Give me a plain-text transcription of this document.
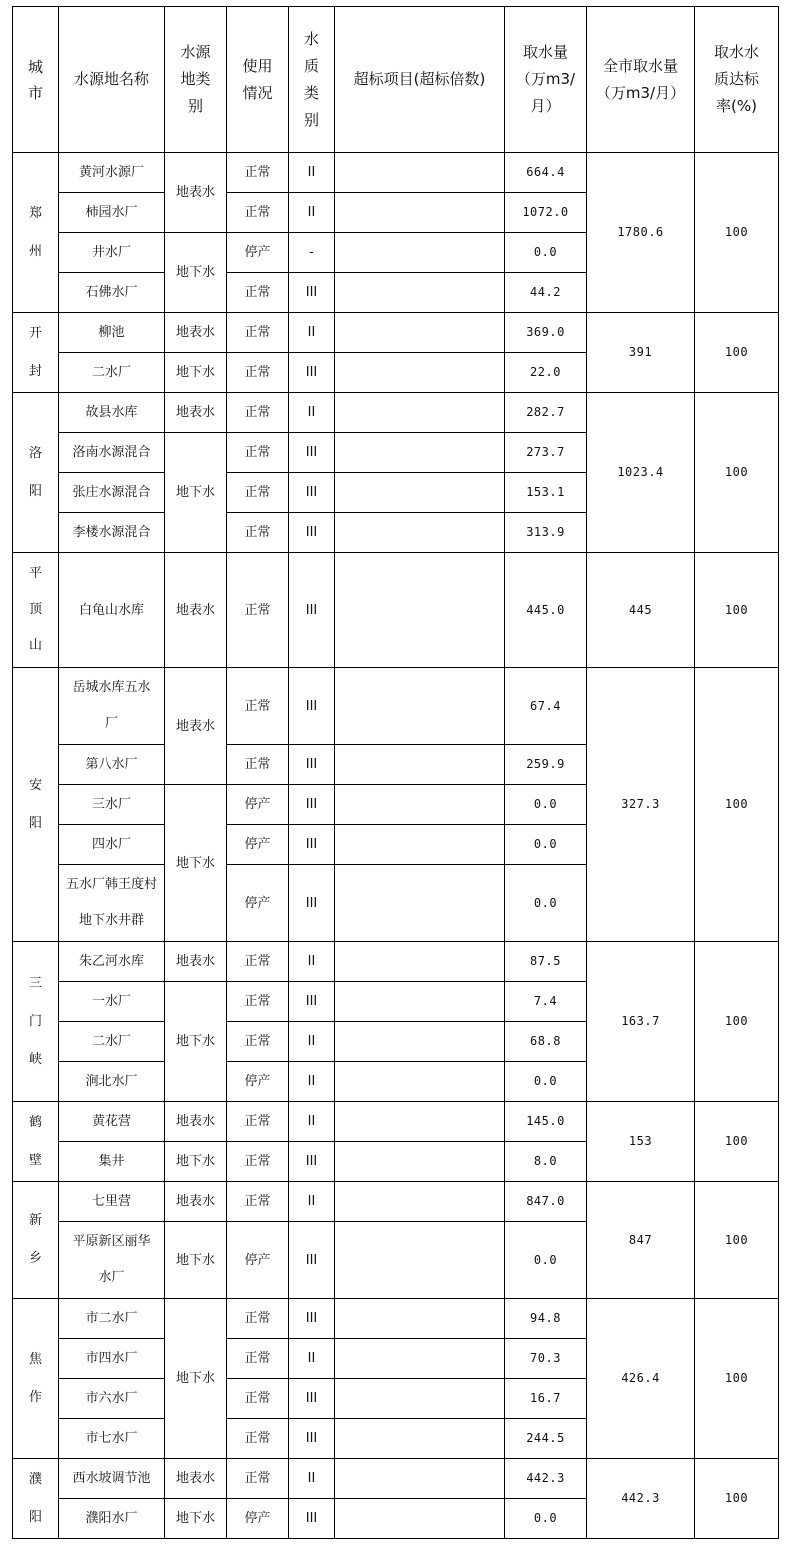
城市	水源地名称	水源地类别	使用情况	水质类别	超标项目(超标倍数)	取水量（万m3/月）	全市取水量（万m3/月）	取水水质达标率(%)
郑州	黄河水源厂	地表水	正常	II		664.4	1780.6	100
	柿园水厂		正常	II		1072.0		
	井水厂	地下水	停产	-		0.0		
	石佛水厂		正常	III		44.2		
开封	柳池	地表水	正常	II		369.0	391	100
	二水厂	地下水	正常	III		22.0		
洛阳	故县水库	地表水	正常	II		282.7	1023.4	100
	洛南水源混合	地下水	正常	III		273.7		
	张庄水源混合		正常	III		153.1		
	李楼水源混合		正常	III		313.9		
平顶山	白龟山水库	地表水	正常	III		445.0	445	100
安阳	岳城水库五水厂	地表水	正常	III		67.4	327.3	100
	第八水厂		正常	III		259.9		
	三水厂	地下水	停产	III		0.0		
	四水厂		停产	III		0.0		
	五水厂韩王度村地下水井群		停产	III		0.0		
三门峡	朱乙河水库	地表水	正常	II		87.5	163.7	100
	一水厂	地下水	正常	III		7.4		
	二水厂		正常	II		68.8		
	涧北水厂		停产	II		0.0		
鹤壁	黄花营	地表水	正常	II		145.0	153	100
	集井	地下水	正常	III		8.0		
新乡	七里营	地表水	正常	II		847.0	847	100
	平原新区丽华水厂	地下水	停产	III		0.0		
焦作	市二水厂	地下水	正常	III		94.8	426.4	100
	市四水厂		正常	II		70.3		
	市六水厂		正常	III		16.7		
	市七水厂		正常	III		244.5		
濮阳	西水坡调节池	地表水	正常	II		442.3	442.3	100
	濮阳水厂	地下水	停产	III		0.0		
